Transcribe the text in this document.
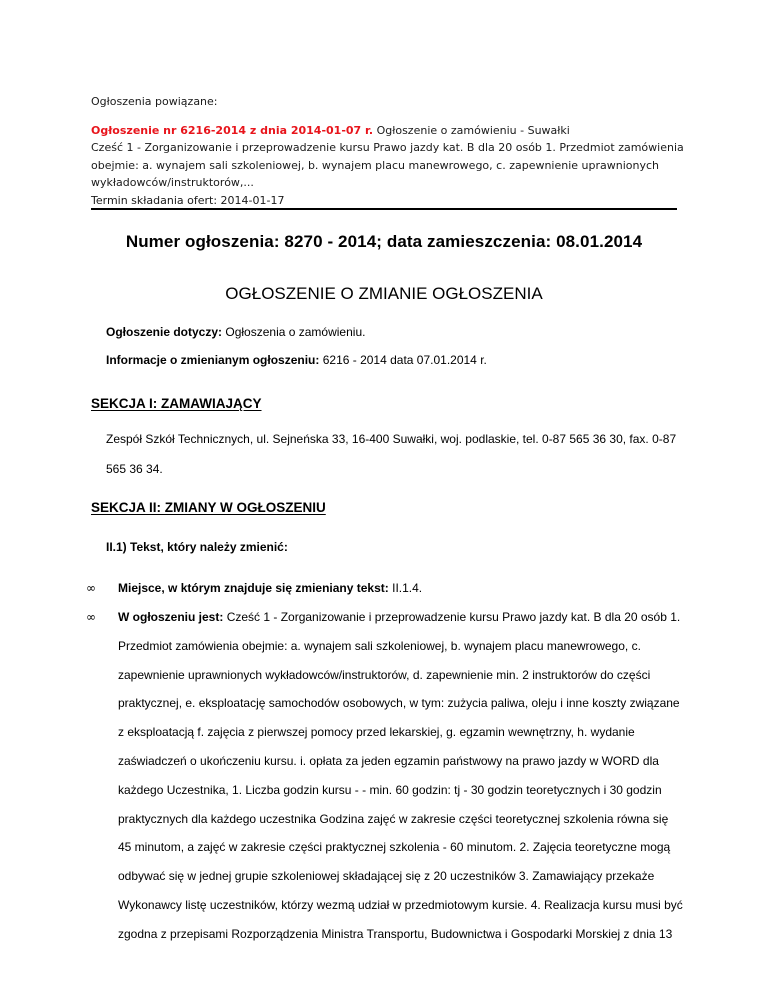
Ogłoszenia powiązane:

Ogłoszenie nr 6216-2014 z dnia 2014-01-07 r. Ogłoszenie o zamówieniu - Suwałki

Cześć 1 - Zorganizowanie i przeprowadzenie kursu Prawo jazdy kat. B dla 20 osób 1. Przedmiot zamówienia obejmie: a. wynajem sali szkoleniowej, b. wynajem placu manewrowego, c. zapewnienie uprawnionych wykładowców/instruktorów,...

Termin składania ofert: 2014-01-17

Numer ogłoszenia: 8270 - 2014; data zamieszczenia: 08.01.2014
OGŁOSZENIE O ZMIANIE OGŁOSZENIA
Ogłoszenie dotyczy: Ogłoszenia o zamówieniu.
Informacje o zmienianym ogłoszeniu: 6216 - 2014 data 07.01.2014 r.
SEKCJA I: ZAMAWIAJĄCY
Zespół Szkół Technicznych, ul. Sejneńska 33, 16-400 Suwałki, woj. podlaskie, tel. 0-87 565 36 30, fax. 0-87 565 36 34.
SEKCJA II: ZMIANY W OGŁOSZENIU
II.1) Tekst, który należy zmienić:
∞ Miejsce, w którym znajduje się zmieniany tekst: II.1.4.
∞ W ogłoszeniu jest: Cześć 1 - Zorganizowanie i przeprowadzenie kursu Prawo jazdy kat. B dla 20 osób 1. Przedmiot zamówienia obejmie: a. wynajem sali szkoleniowej, b. wynajem placu manewrowego, c. zapewnienie uprawnionych wykładowców/instruktorów, d. zapewnienie min. 2 instruktorów do części praktycznej, e. eksploatację samochodów osobowych, w tym: zużycia paliwa, oleju i inne koszty związane z eksploatacją f. zajęcia z pierwszej pomocy przed lekarskiej, g. egzamin wewnętrzny, h. wydanie zaświadczeń o ukończeniu kursu. i. opłata za jeden egzamin państwowy na prawo jazdy w WORD dla każdego Uczestnika, 1. Liczba godzin kursu - - min. 60 godzin: tj - 30 godzin teoretycznych i 30 godzin praktycznych dla każdego uczestnika Godzina zajęć w zakresie części teoretycznej szkolenia równa się 45 minutom, a zajęć w zakresie części praktycznej szkolenia - 60 minutom. 2. Zajęcia teoretyczne mogą odbywać się w jednej grupie szkoleniowej składającej się z 20 uczestników 3. Zamawiający przekaże Wykonawcy listę uczestników, którzy wezmą udział w przedmiotowym kursie. 4. Realizacja kursu musi być zgodna z przepisami Rozporządzenia Ministra Transportu, Budownictwa i Gospodarki Morskiej z dnia 13
